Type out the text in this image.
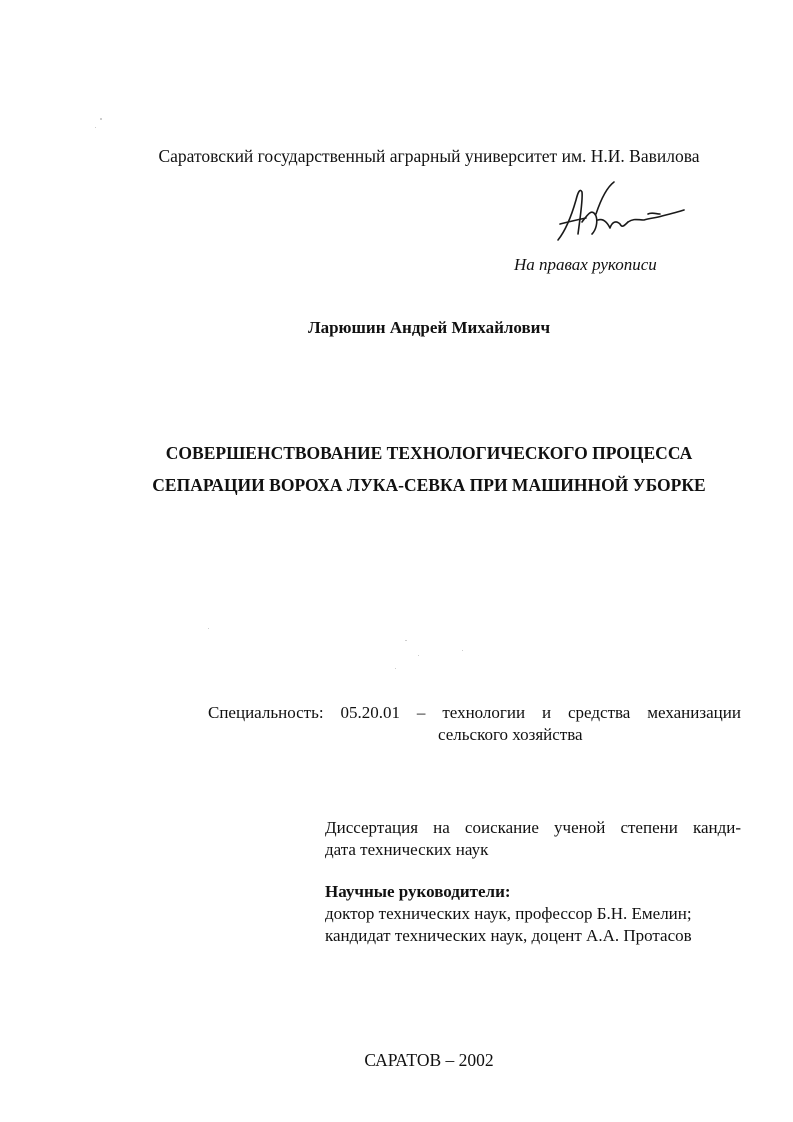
Саратовский государственный аграрный университет им. Н.И. Вавилова
На правах рукописи
Ларюшин Андрей Михайлович
СОВЕРШЕНСТВОВАНИЕ ТЕХНОЛОГИЧЕСКОГО ПРОЦЕССА
СЕПАРАЦИИ ВОРОХА ЛУКА-СЕВКА ПРИ МАШИННОЙ УБОРКЕ
Специальность: 05.20.01 – технологии и средства механизации
сельского хозяйства
Диссертация на соискание ученой степени канди-
дата технических наук
Научные руководители:
доктор технических наук, профессор Б.Н. Емелин;
кандидат технических наук, доцент А.А. Протасов
САРАТОВ – 2002
